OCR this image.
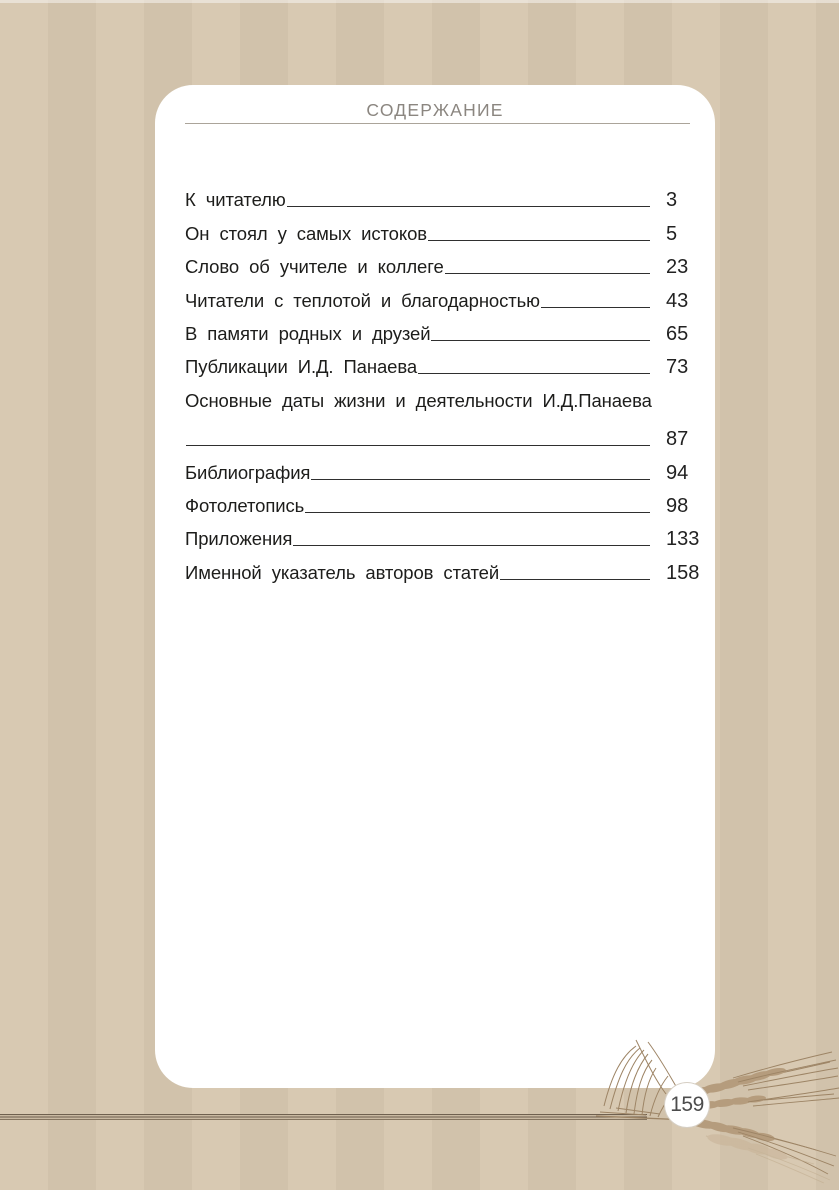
СОДЕРЖАНИЕ
К читателю	3
Он стоял у самых истоков	5
Слово об учителе и коллеге	23
Читатели с теплотой и благодарностью	43
В памяти родных и друзей	65
Публикации И.Д. Панаева	73
Основные даты жизни и деятельности И.Д.Панаева
87
Библиография	94
Фотолетопись	98
Приложения	133
Именной указатель авторов статей	158
159
